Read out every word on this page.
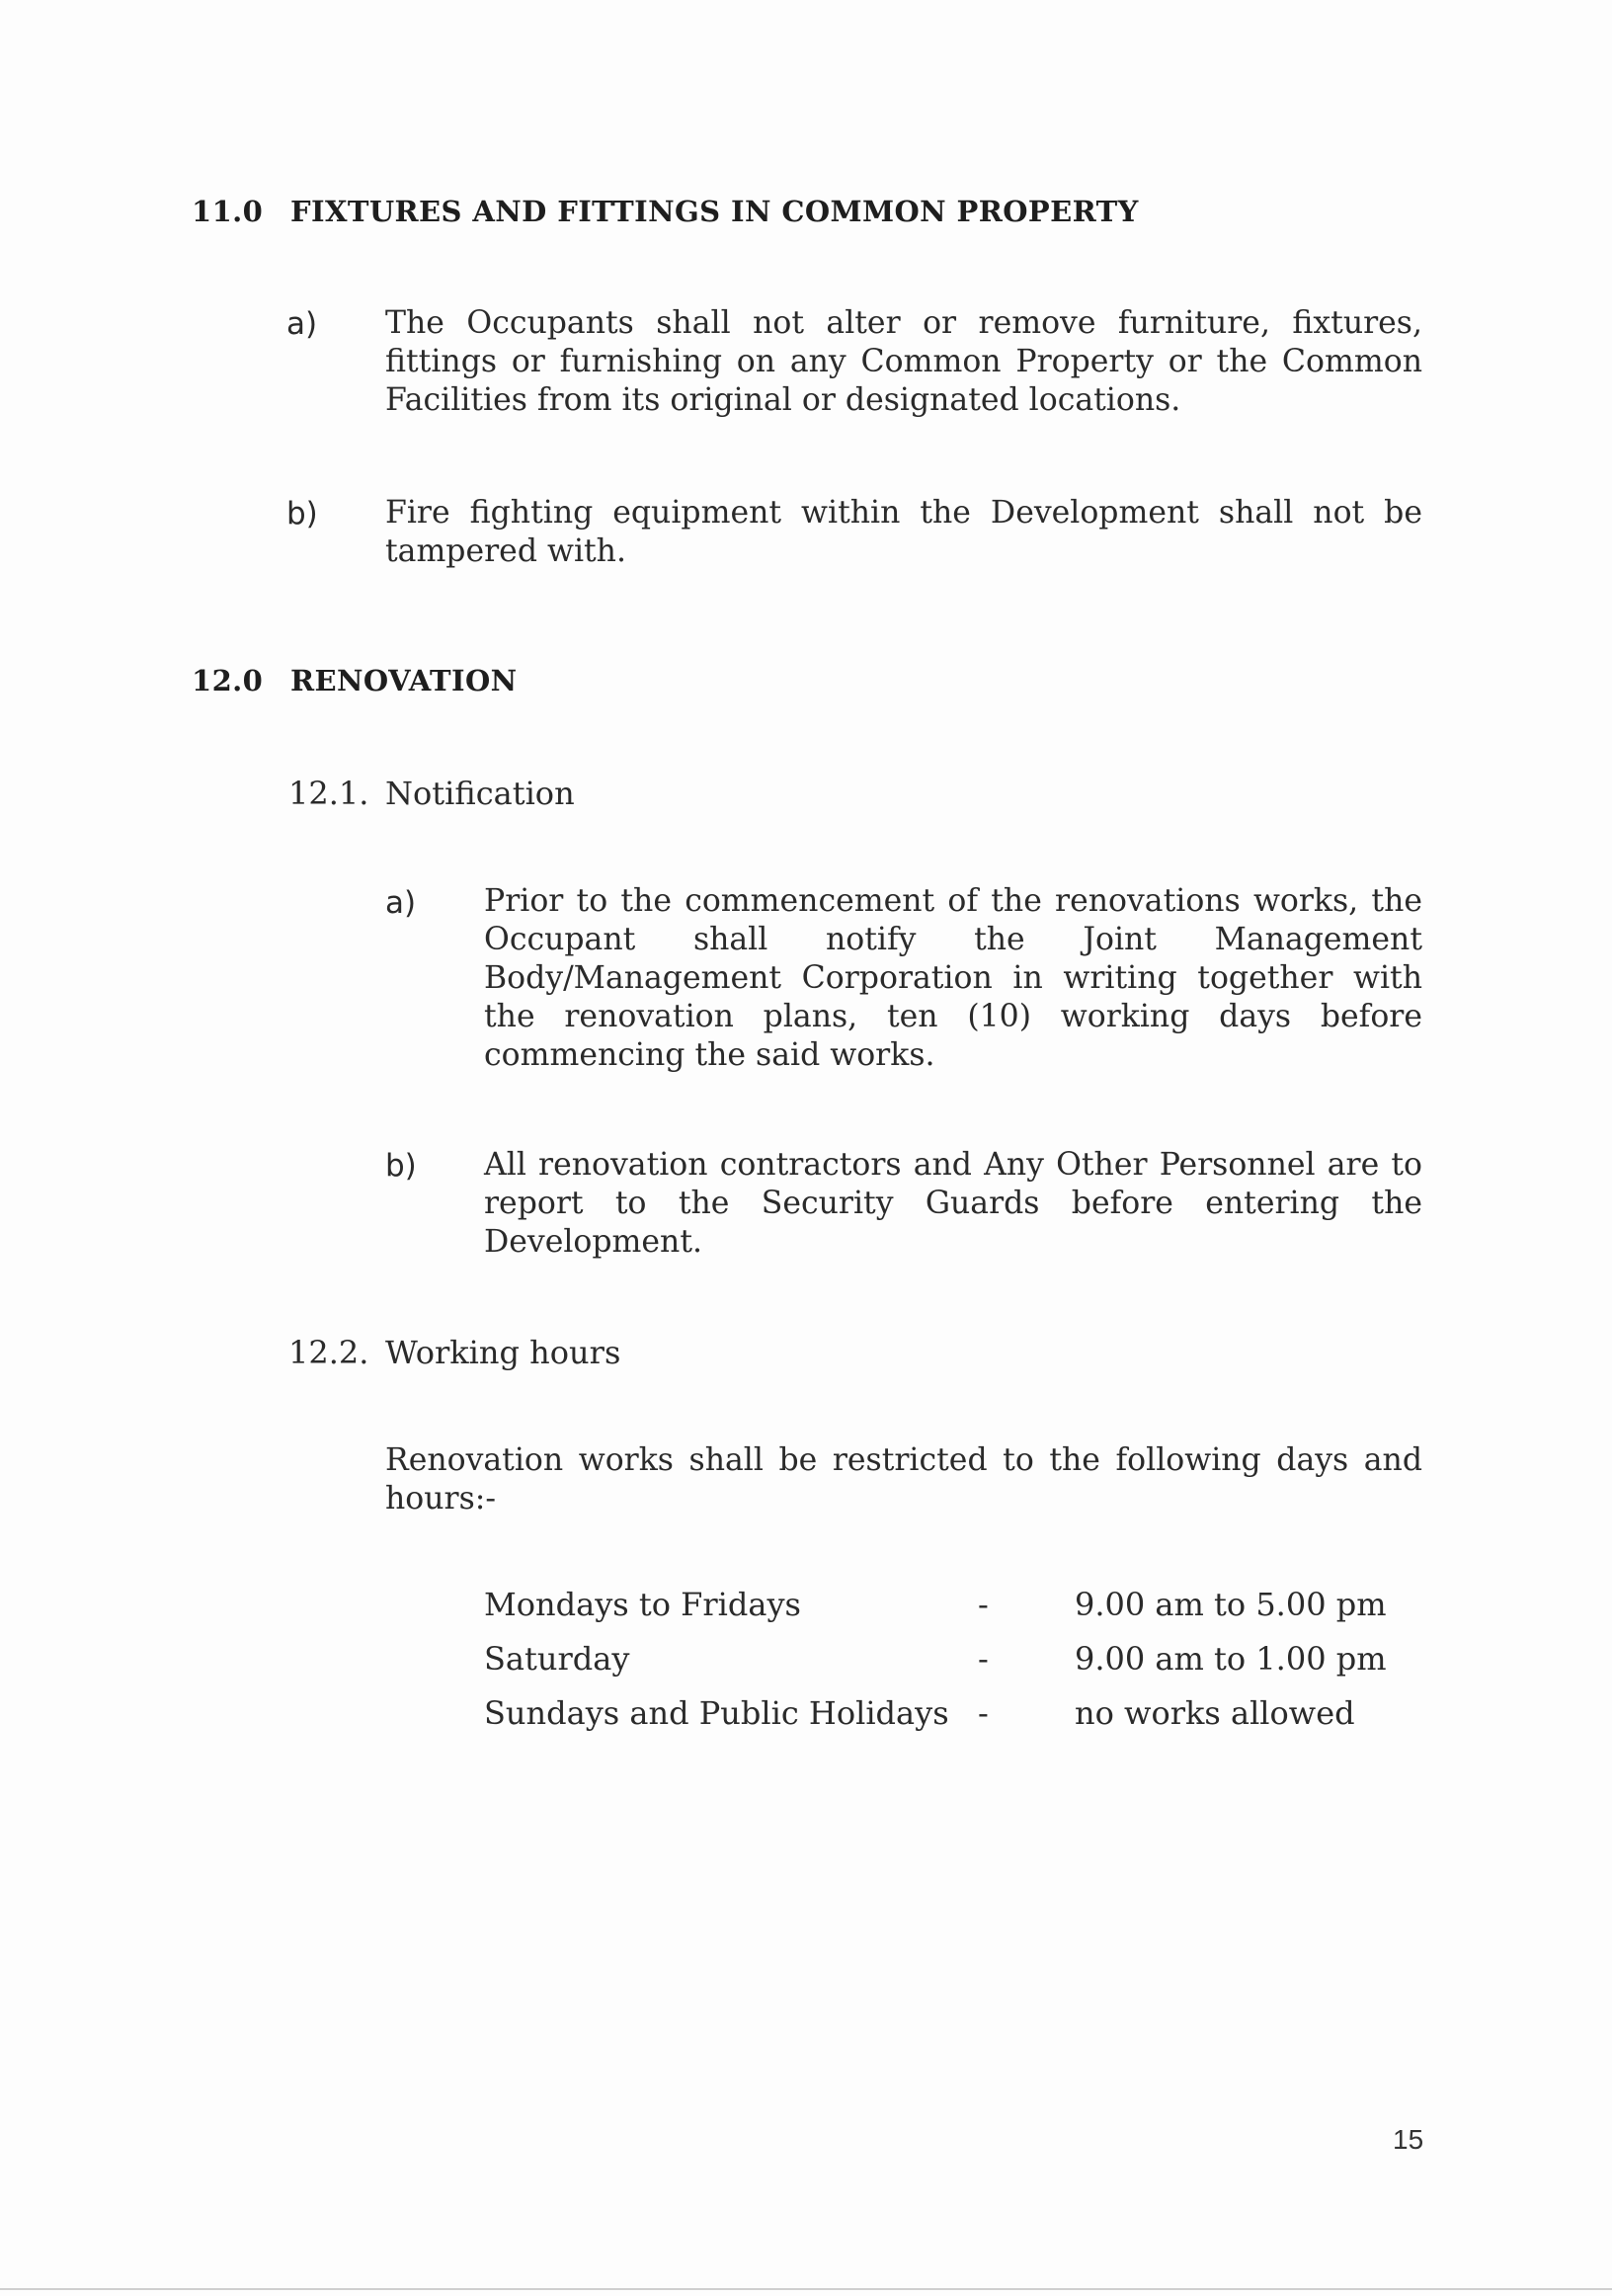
11.0 FIXTURES AND FITTINGS IN COMMON PROPERTY
a) The Occupants shall not alter or remove furniture, fixtures, fittings or furnishing on any Common Property or the Common Facilities from its original or designated locations.
b) Fire fighting equipment within the Development shall not be tampered with.
12.0 RENOVATION
12.1. Notification
a) Prior to the commencement of the renovations works, the Occupant shall notify the Joint Management Body/Management Corporation in writing together with the renovation plans, ten (10) working days before commencing the said works.
b) All renovation contractors and Any Other Personnel are to report to the Security Guards before entering the Development.
12.2. Working hours
Renovation works shall be restricted to the following days and hours:-
Mondays to Fridays	-	9.00 am to 5.00 pm
Saturday	-	9.00 am to 1.00 pm
Sundays and Public Holidays -	no works allowed
15
